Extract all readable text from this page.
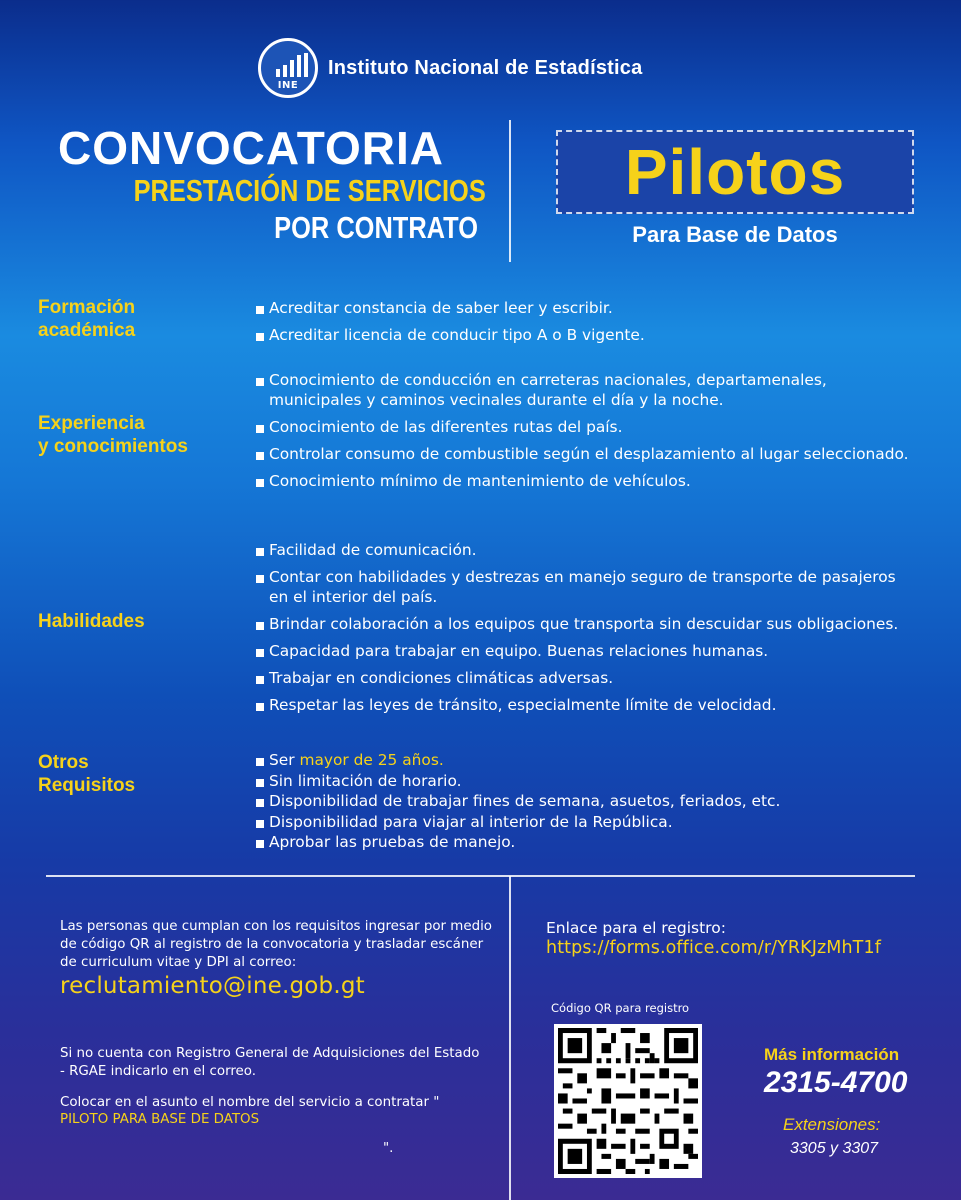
INE
Instituto Nacional de Estadística
CONVOCATORIA
PRESTACIÓN DE SERVICIOS
POR CONTRATO
Pilotos
Para Base de Datos
Formación
académica
Acreditar constancia de saber leer y escribir.
Acreditar licencia de conducir tipo A o B vigente.
Experiencia
y conocimientos
Conocimiento de conducción en carreteras nacionales, departamenales, municipales y caminos vecinales durante el día y la noche.
Conocimiento de las diferentes rutas del país.
Controlar consumo de combustible según el desplazamiento al lugar seleccionado.
Conocimiento mínimo de mantenimiento de vehículos.
Habilidades
Facilidad de comunicación.
Contar con habilidades y destrezas en manejo seguro de transporte de pasajeros en el interior del país.
Brindar colaboración a los equipos que transporta sin descuidar sus obligaciones.
Capacidad para trabajar en equipo. Buenas relaciones humanas.
Trabajar en condiciones climáticas adversas.
Respetar las leyes de tránsito, especialmente límite de velocidad.
Otros
Requisitos
Ser mayor de 25 años.
Sin limitación de horario.
Disponibilidad de trabajar fines de semana, asuetos, feriados, etc.
Disponibilidad para viajar al interior de la República.
Aprobar las pruebas de manejo.
Las personas que cumplan con los requisitos ingresar por medio de código QR al registro de la convocatoria y trasladar escáner de curriculum vitae y DPI al correo:
reclutamiento@ine.gob.gt
Si no cuenta con Registro General de Adquisiciones del Estado - RGAE indicarlo en el correo.
Colocar en el asunto el nombre del servicio a contratar " PILOTO PARA BASE DE DATOS
".
Enlace para el registro:
https://forms.office.com/r/YRKJzMhT1f
Código QR para registro
Más información
2315-4700
Extensiones:
3305 y 3307
